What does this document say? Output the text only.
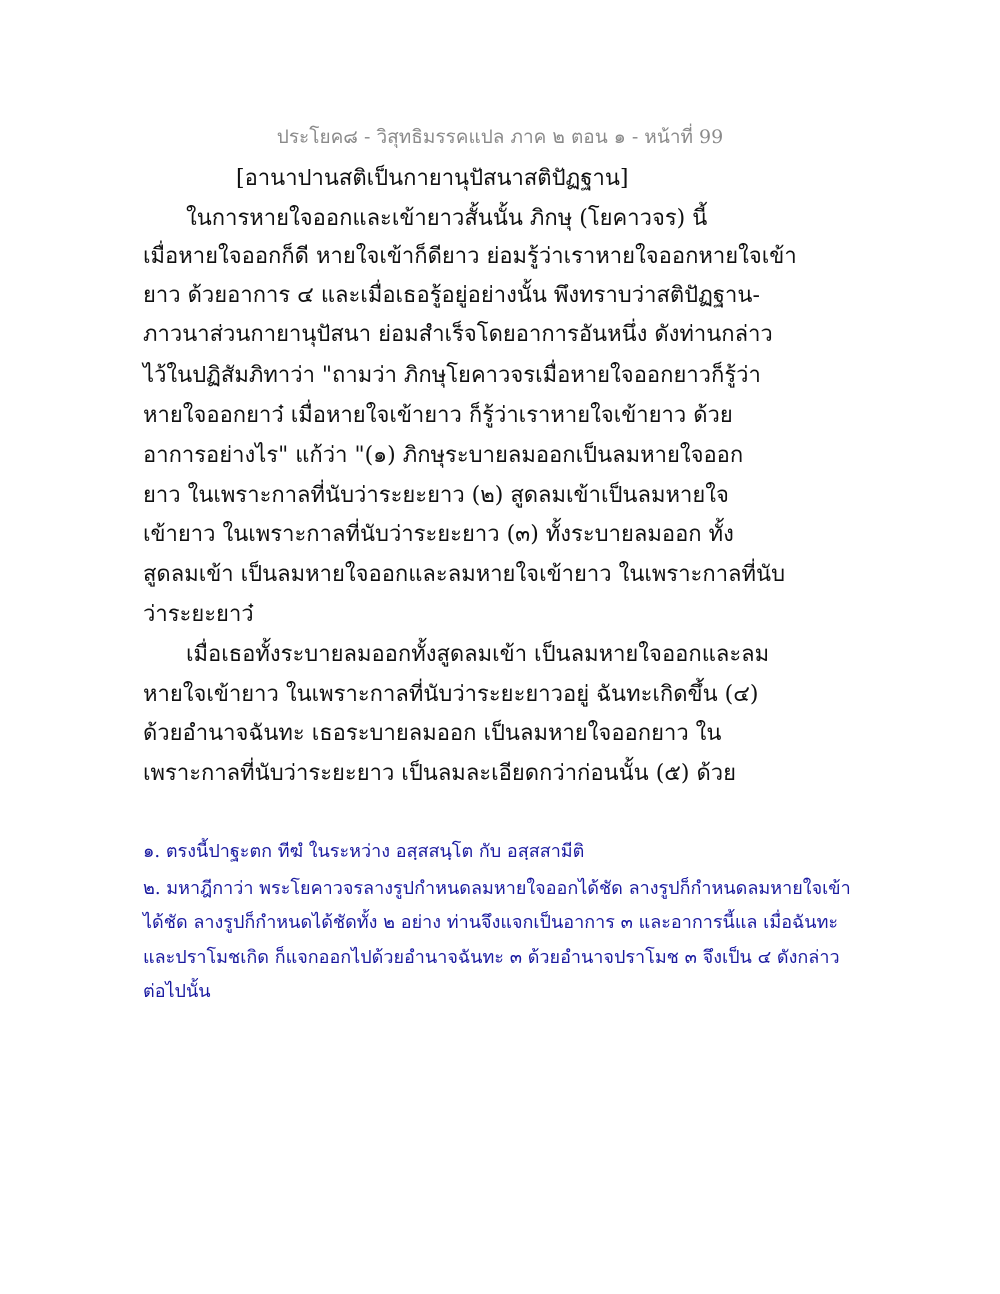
ประโยค๘ - วิสุทธิมรรคแปล ภาค ๒ ตอน ๑ - หน้าที่ 99
[อานาปานสติเป็นกายานุปัสนาสติปัฏฐาน]
ในการหายใจออกและเข้ายาวสั้นนั้น ภิกษุ (โยคาวจร) นี้
เมื่อหายใจออกก็ดี หายใจเข้าก็ดียาว ย่อมรู้ว่าเราหายใจออกหายใจเข้า
ยาว ด้วยอาการ ๔ และเมื่อเธอรู้อยู่อย่างนั้น พึงทราบว่าสติปัฏฐาน-
ภาวนาส่วนกายานุปัสนา ย่อมสำเร็จโดยอาการอันหนึ่ง ดังท่านกล่าว
ไว้ในปฏิสัมภิทาว่า "ถามว่า ภิกษุโยคาวจรเมื่อหายใจออกยาวก็รู้ว่า
หายใจออกยาว๋ เมื่อหายใจเข้ายาว ก็รู้ว่าเราหายใจเข้ายาว ด้วย
อาการอย่างไร" แก้ว่า "(๑) ภิกษุระบายลมออกเป็นลมหายใจออก
ยาว ในเพราะกาลที่นับว่าระยะยาว (๒) สูดลมเข้าเป็นลมหายใจ
เข้ายาว ในเพราะกาลที่นับว่าระยะยาว (๓) ทั้งระบายลมออก ทั้ง
สูดลมเข้า เป็นลมหายใจออกและลมหายใจเข้ายาว ในเพราะกาลที่นับ
ว่าระยะยาว๋
เมื่อเธอทั้งระบายลมออกทั้งสูดลมเข้า เป็นลมหายใจออกและลม
หายใจเข้ายาว ในเพราะกาลที่นับว่าระยะยาวอยู่ ฉันทะเกิดขึ้น (๔)
ด้วยอำนาจฉันทะ เธอระบายลมออก เป็นลมหายใจออกยาว ใน
เพราะกาลที่นับว่าระยะยาว เป็นลมละเอียดกว่าก่อนนั้น (๕) ด้วย
๑. ตรงนี้ปาฐะตก ทีฆํ ในระหว่าง อสฺสสนฺโต กับ อสฺสสามีติ
๒. มหาฎีกาว่า พระโยคาวจรลางรูปกำหนดลมหายใจออกได้ชัด ลางรูปก็กำหนดลมหายใจเข้า
ได้ชัด ลางรูปก็กำหนดได้ชัดทั้ง ๒ อย่าง ท่านจึงแจกเป็นอาการ ๓ และอาการนี้แล เมื่อฉันทะ
และปราโมชเกิด ก็แจกออกไปด้วยอำนาจฉันทะ ๓ ด้วยอำนาจปราโมช ๓ จึงเป็น ๔ ดังกล่าว
ต่อไปนั้น
